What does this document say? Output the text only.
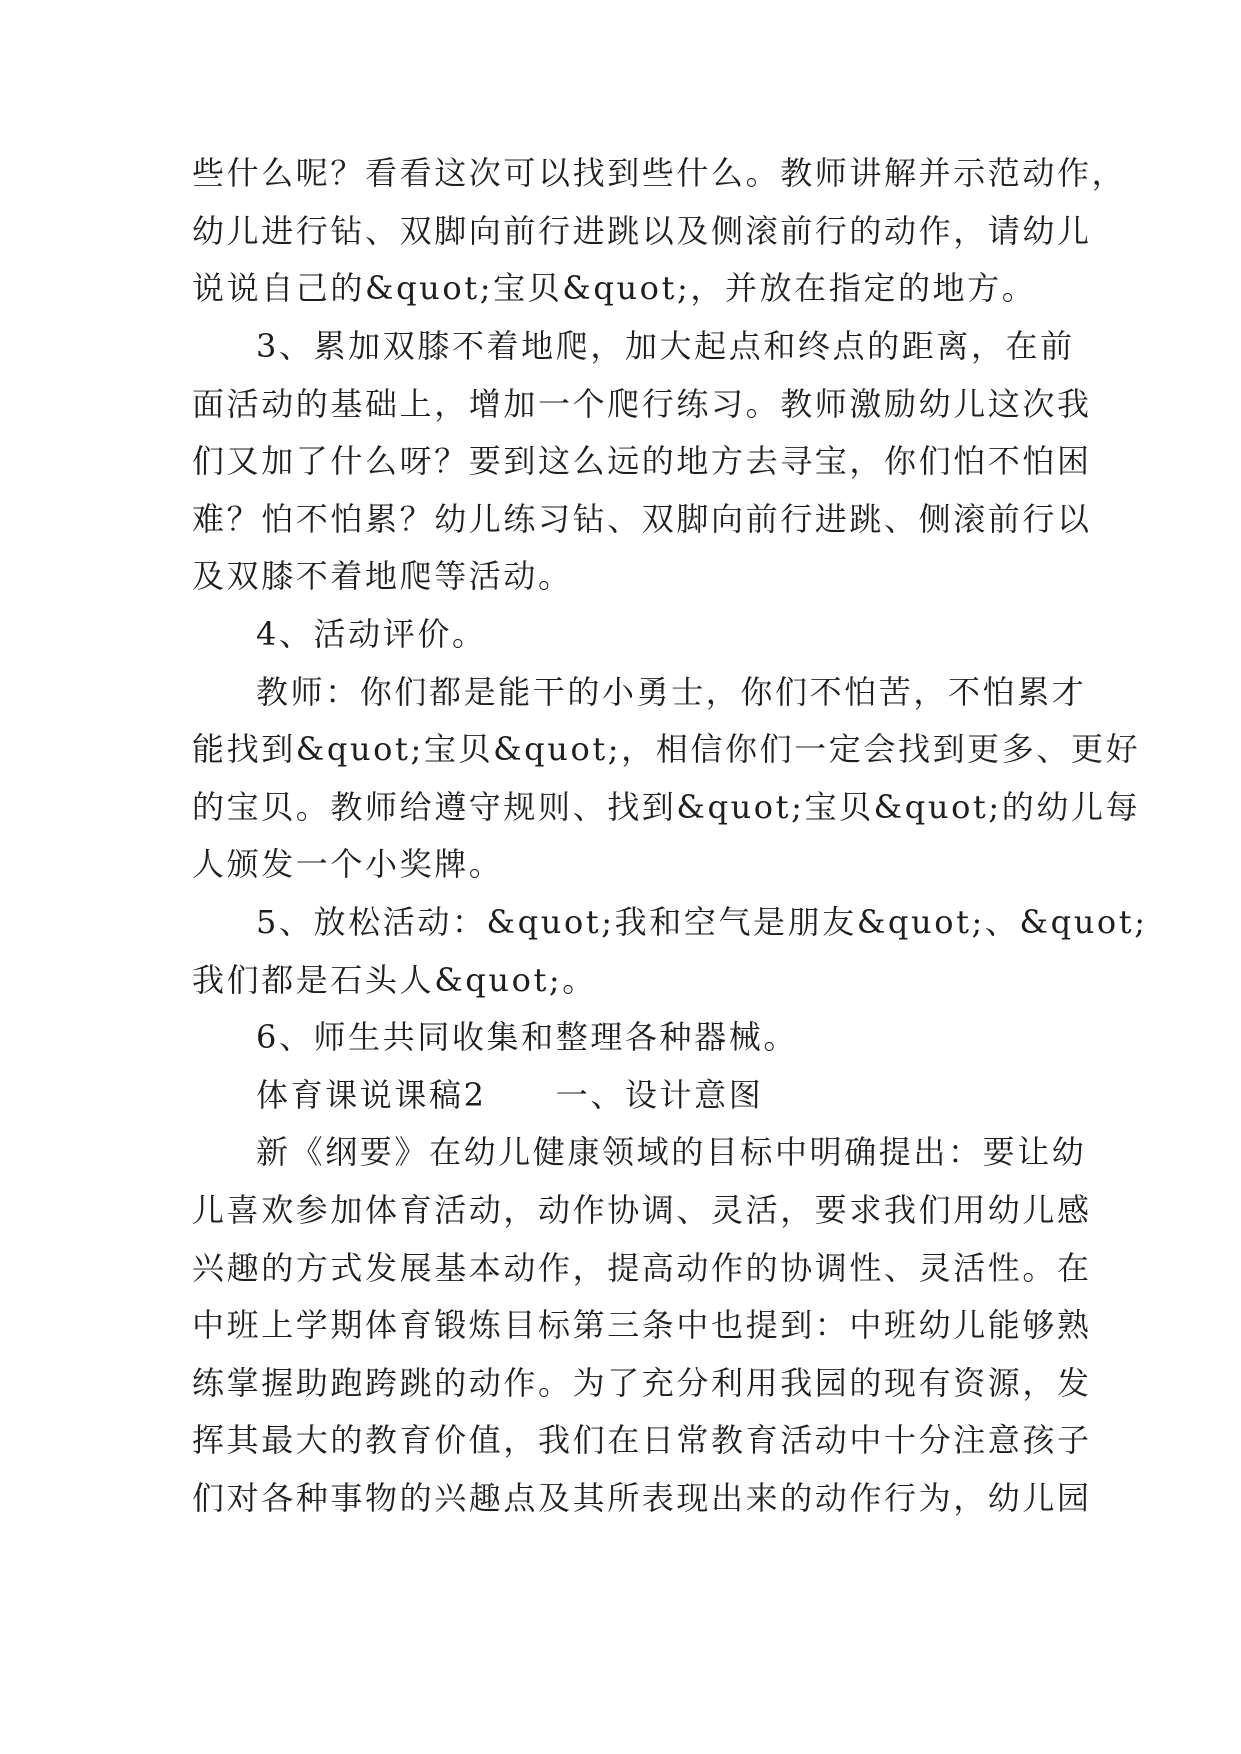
些什么呢？看看这次可以找到些什么。教师讲解并示范动作，
幼儿进行钻、双脚向前行进跳以及侧滚前行的动作，请幼儿
说说自己的&quot;宝贝&quot;，并放在指定的地方。
3、累加双膝不着地爬，加大起点和终点的距离，在前
面活动的基础上，增加一个爬行练习。教师激励幼儿这次我
们又加了什么呀？要到这么远的地方去寻宝，你们怕不怕困
难？怕不怕累？幼儿练习钻、双脚向前行进跳、侧滚前行以
及双膝不着地爬等活动。
4、活动评价。
教师：你们都是能干的小勇士，你们不怕苦，不怕累才
能找到&quot;宝贝&quot;，相信你们一定会找到更多、更好
的宝贝。教师给遵守规则、找到&quot;宝贝&quot;的幼儿每
人颁发一个小奖牌。
5、放松活动：&quot;我和空气是朋友&quot;、&quot;
我们都是石头人&quot;。
6、师生共同收集和整理各种器械。
体育课说课稿2　　一、设计意图
新《纲要》在幼儿健康领域的目标中明确提出：要让幼
儿喜欢参加体育活动，动作协调、灵活，要求我们用幼儿感
兴趣的方式发展基本动作，提高动作的协调性、灵活性。在
中班上学期体育锻炼目标第三条中也提到：中班幼儿能够熟
练掌握助跑跨跳的动作。为了充分利用我园的现有资源，发
挥其最大的教育价值，我们在日常教育活动中十分注意孩子
们对各种事物的兴趣点及其所表现出来的动作行为，幼儿园
